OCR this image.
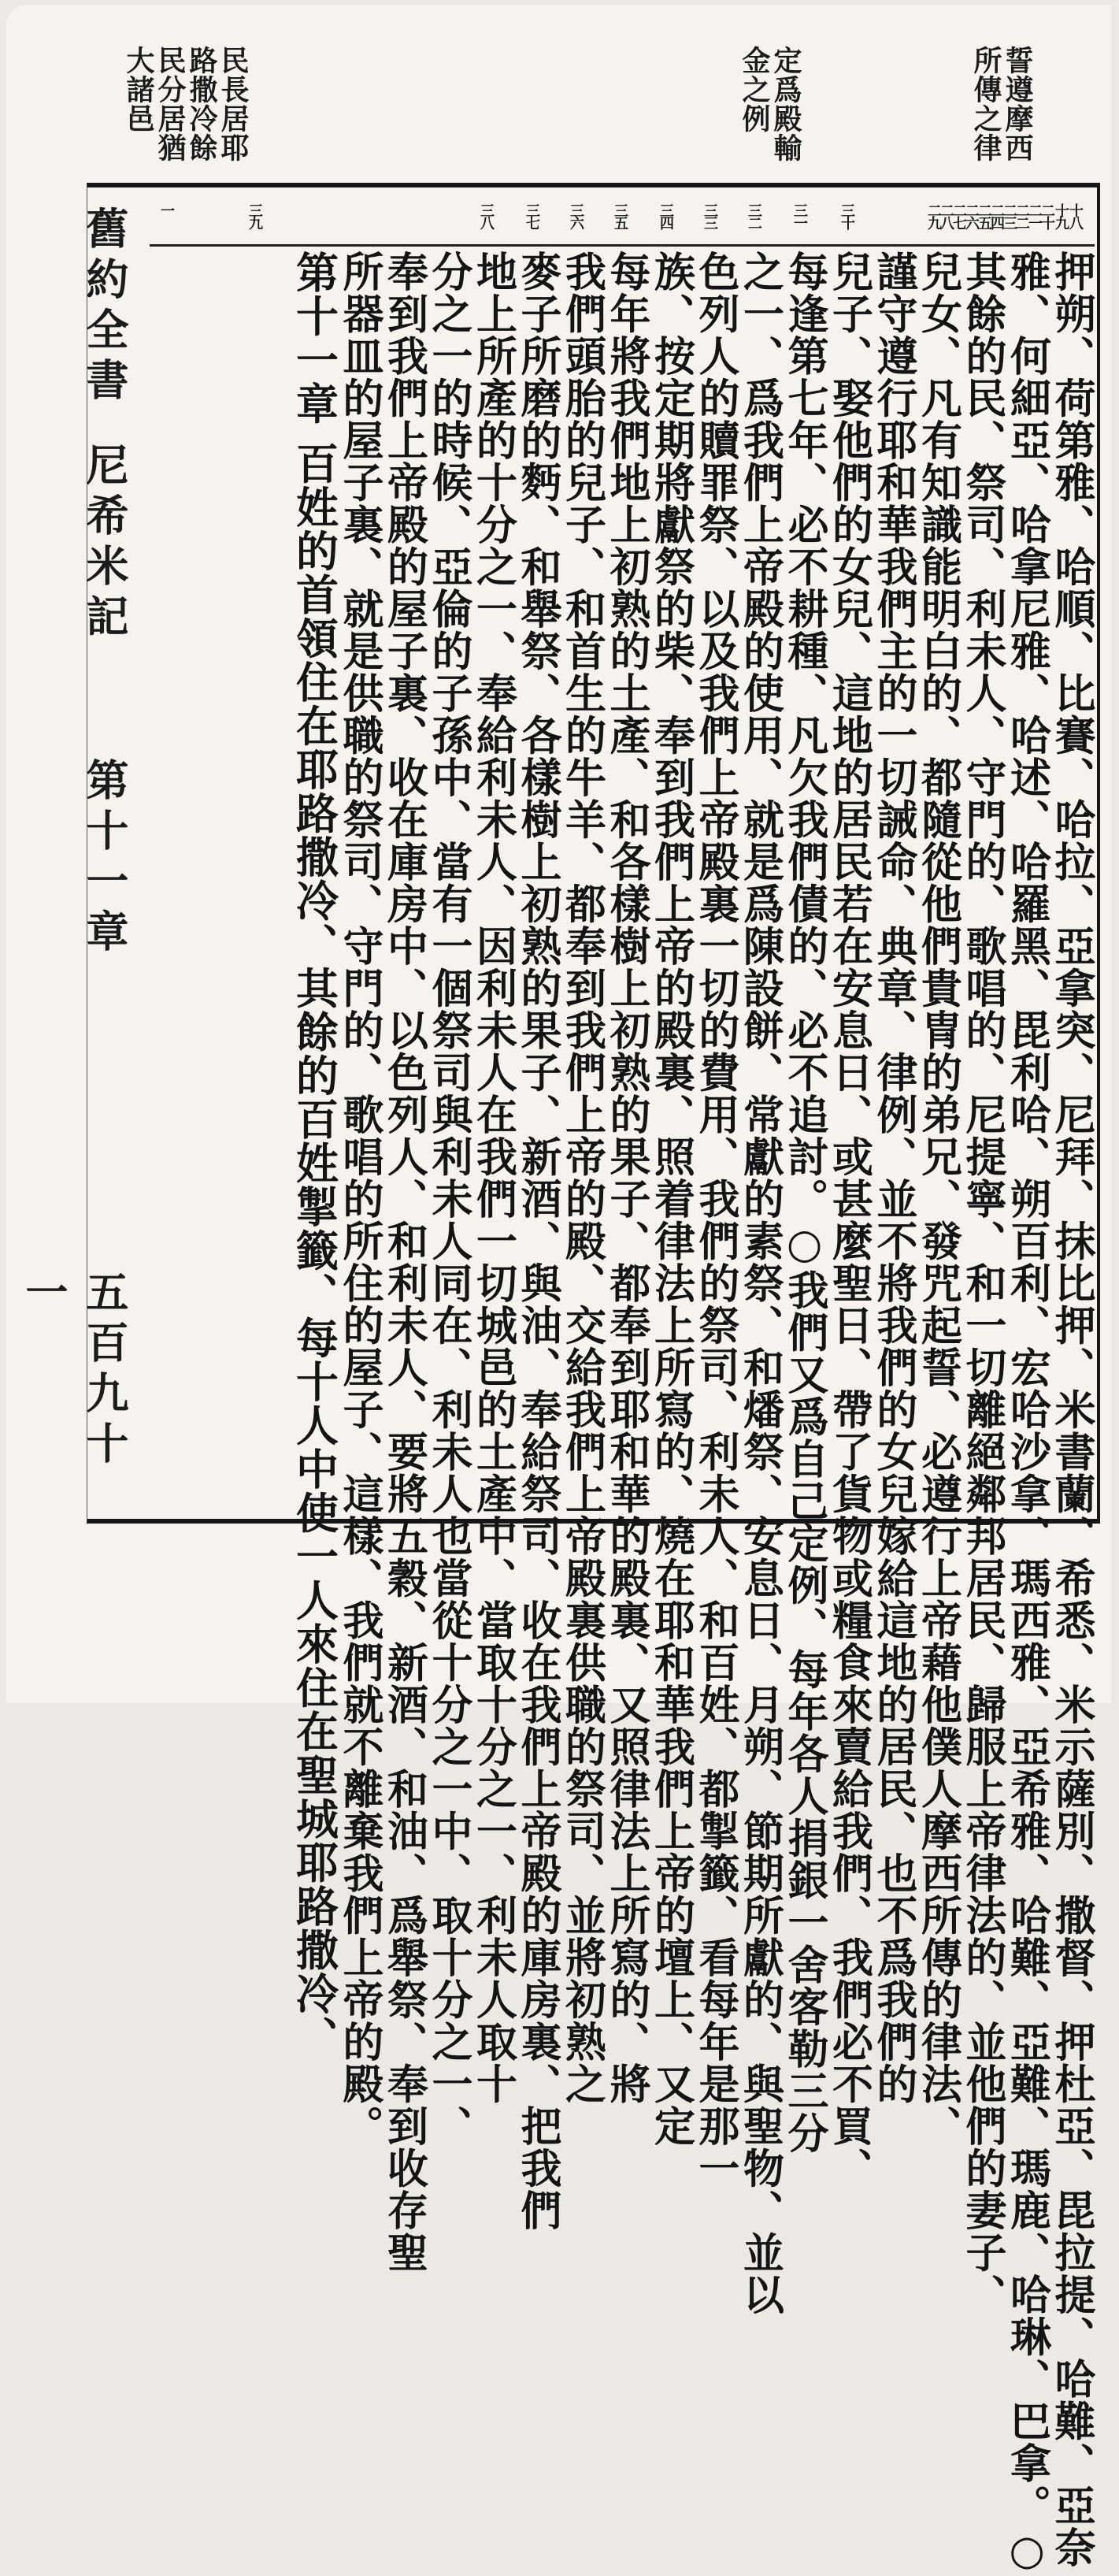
誓遵摩西所傳之律
定爲殿輸金之例
民長居耶路撒冷餘民分居猶大諸邑
舊約全書
尼希米記
第十一章
五百九十一
十八
十九
二十
二一
二二
二三
二四
二五
二六
二七
二八
二九
三十
三一
三二
三三
三四
三五
三六
三七
三八
三九
一
押朔、荷第雅、哈順、比賽、哈拉、亞拿突、尼拜、抹比押、米書蘭、希悉、米示薩別、撒督、押杜亞、毘拉提、哈難、亞奈
雅、何細亞、哈拿尼雅、哈述、哈羅黑、毘利哈、朔百利、宏哈沙拿、瑪西雅、亞希雅、哈難、亞難、瑪鹿、哈琳、巴拿。○
其餘的民、祭司、利未人、守門的、歌唱的、尼提寧、和一切離絕鄰邦居民、歸服上帝律法的、並他們的妻子、
兒女、凡有知識能明白的、都隨從他們貴冑的弟兄、發咒起誓、必遵行上帝藉他僕人摩西所傳的律法、
謹守遵行耶和華我們主的一切誡命、典章、律例、並不將我們的女兒嫁給這地的居民、也不爲我們的
兒子、娶他們的女兒、這地的居民若在安息日、或甚麼聖日、帶了貨物或糧食來賣給我們、我們必不買、
每逢第七年、必不耕種、凡欠我們債的、必不追討。○我們又爲自己定例、每年各人捐銀一舍客勒三分
之一、爲我們上帝殿的使用、就是爲陳設餅、常獻的素祭、和燔祭、安息日、月朔、節期所獻的、與聖物、並以
色列人的贖罪祭、以及我們上帝殿裏一切的費用、我們的祭司、利未人、和百姓、都掣籤、看每年是那一
族、按定期將獻祭的柴、奉到我們上帝的殿裏、照着律法上所寫的、燒在耶和華我們上帝的壇上、又定
每年將我們地上初熟的土產、和各樣樹上初熟的果子、都奉到耶和華的殿裏、又照律法上所寫的、將
我們頭胎的兒子、和首生的牛羊、都奉到我們上帝的殿、交給我們上帝殿裏供職的祭司、並將初熟之
麥子所磨的麪、和舉祭、各樣樹上初熟的果子、新酒、與油、奉給祭司、收在我們上帝殿的庫房裏、把我們
地上所產的十分之一、奉給利未人、因利未人在我們一切城邑的土產中、當取十分之一、利未人取十
分之一的時候、亞倫的子孫中、當有一個祭司與利未人同在、利未人也當從十分之一中、取十分之一、
奉到我們上帝殿的屋子裏、收在庫房中、以色列人、和利未人、要將五穀、新酒、和油、爲舉祭、奉到收存聖
所器皿的屋子裏、就是供職的祭司、守門的、歌唱的所住的屋子、這樣、我們就不離棄我們上帝的殿。
第十一章 百姓的首領住在耶路撒冷、其餘的百姓掣籤、每十人中使一人來住在聖城耶路撒冷、
